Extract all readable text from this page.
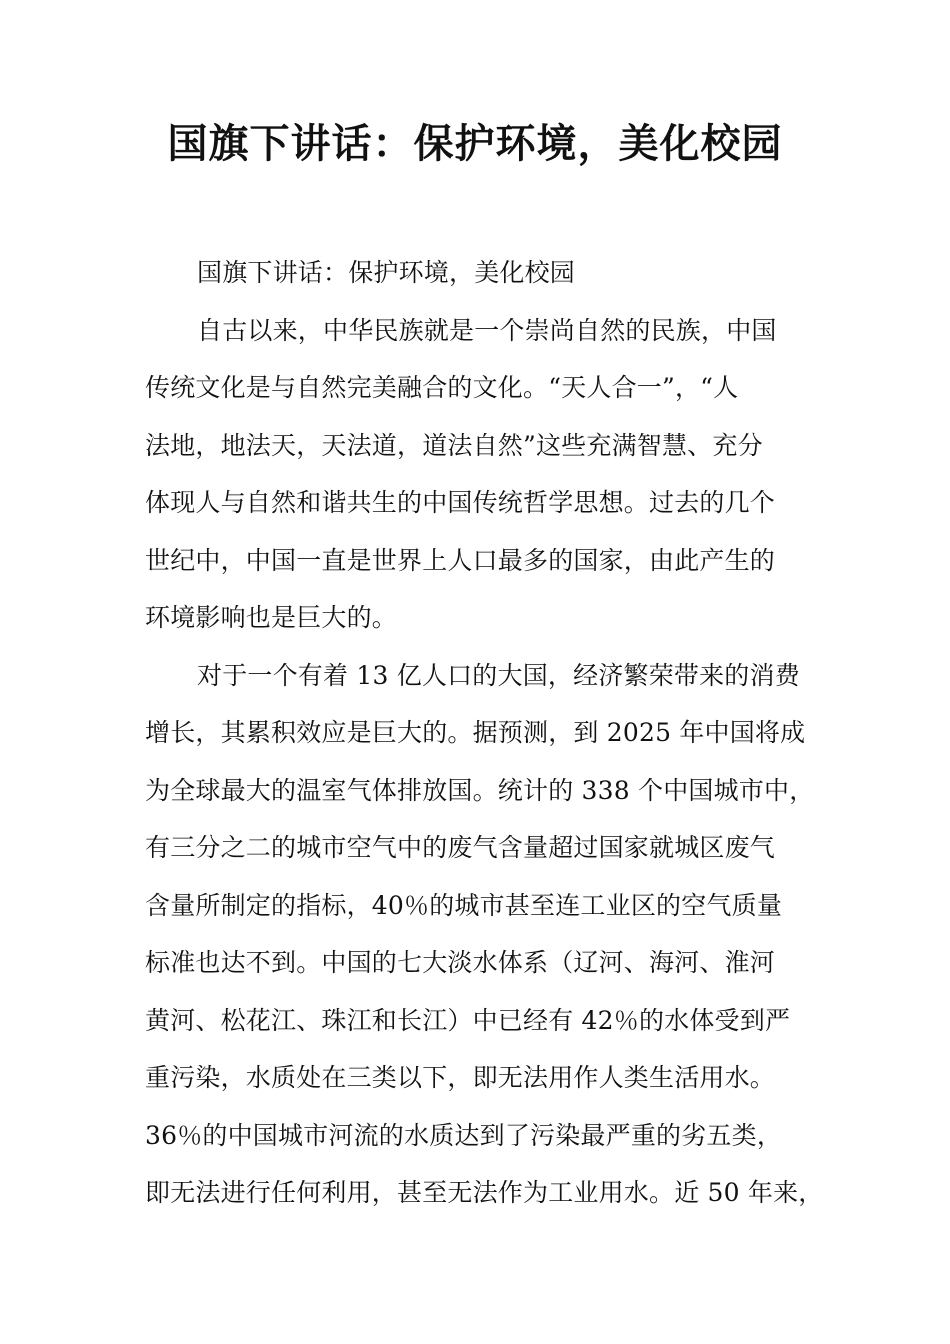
国旗下讲话：保护环境，美化校园
国旗下讲话：保护环境，美化校园
自古以来，中华民族就是一个崇尚自然的民族，中国
传统文化是与自然完美融合的文化。“天人合一”，“人
法地，地法天，天法道，道法自然”这些充满智慧、充分
体现人与自然和谐共生的中国传统哲学思想。过去的几个
世纪中，中国一直是世界上人口最多的国家，由此产生的
环境影响也是巨大的。
对于一个有着 13 亿人口的大国，经济繁荣带来的消费
增长，其累积效应是巨大的。据预测，到 2025 年中国将成
为全球最大的温室气体排放国。统计的 338 个中国城市中，
有三分之二的城市空气中的废气含量超过国家就城区废气
含量所制定的指标，40％的城市甚至连工业区的空气质量
标准也达不到。中国的七大淡水体系（辽河、海河、淮河
黄河、松花江、珠江和长江）中已经有 42％的水体受到严
重污染，水质处在三类以下，即无法用作人类生活用水。
36％的中国城市河流的水质达到了污染最严重的劣五类，
即无法进行任何利用，甚至无法作为工业用水。近 50 年来，
